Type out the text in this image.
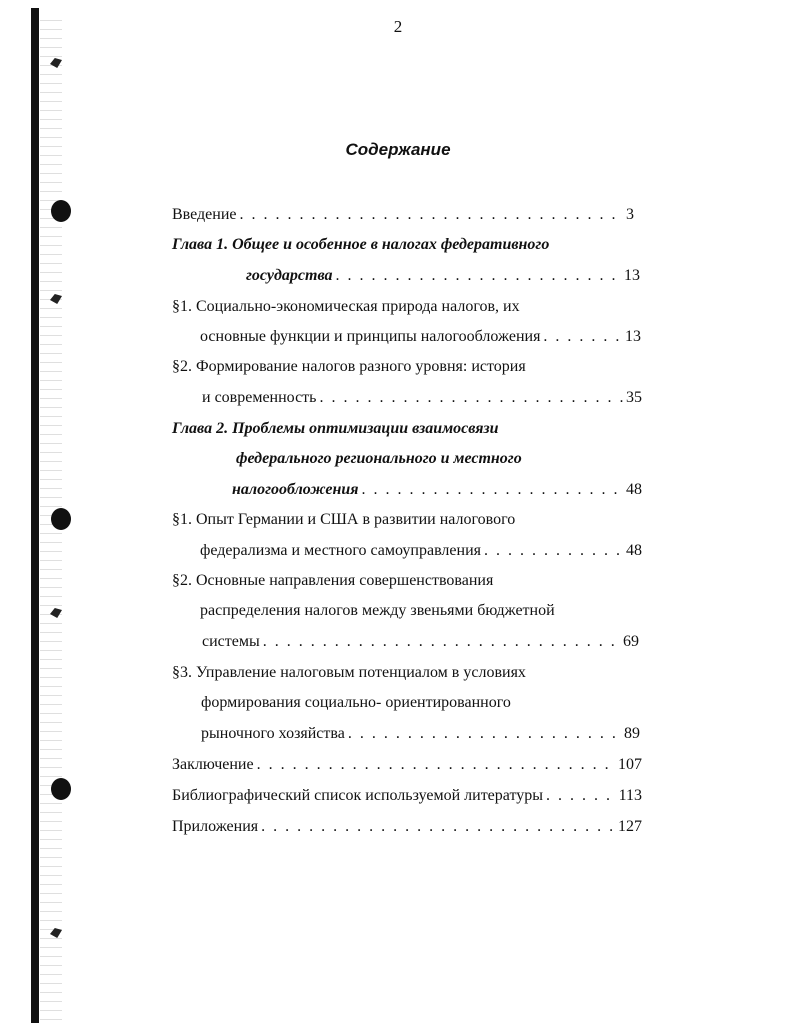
2
Содержание
Введение . . .	3
Глава 1. Общее и особенное в налогах федеративного
государства . . .	13
§1. Социально-экономическая природа налогов, их
основные функции и принципы налогообложения . . .	13
§2. Формирование налогов разного уровня: история
и современность . . .	35
Глава 2. Проблемы оптимизации взаимосвязи
федерального регионального и местного
налогообложения . . .	48
§1. Опыт Германии и США в развитии налогового
федерализма и местного самоуправления . . .	48
§2. Основные направления совершенствования
распределения налогов между звеньями бюджетной
системы . . .	69
§3. Управление налоговым потенциалом в условиях
формирования социально- ориентированного
рыночного хозяйства . . .	89
Заключение . . .	107
Библиографический список используемой литературы . . .	113
Приложения . . .	127
